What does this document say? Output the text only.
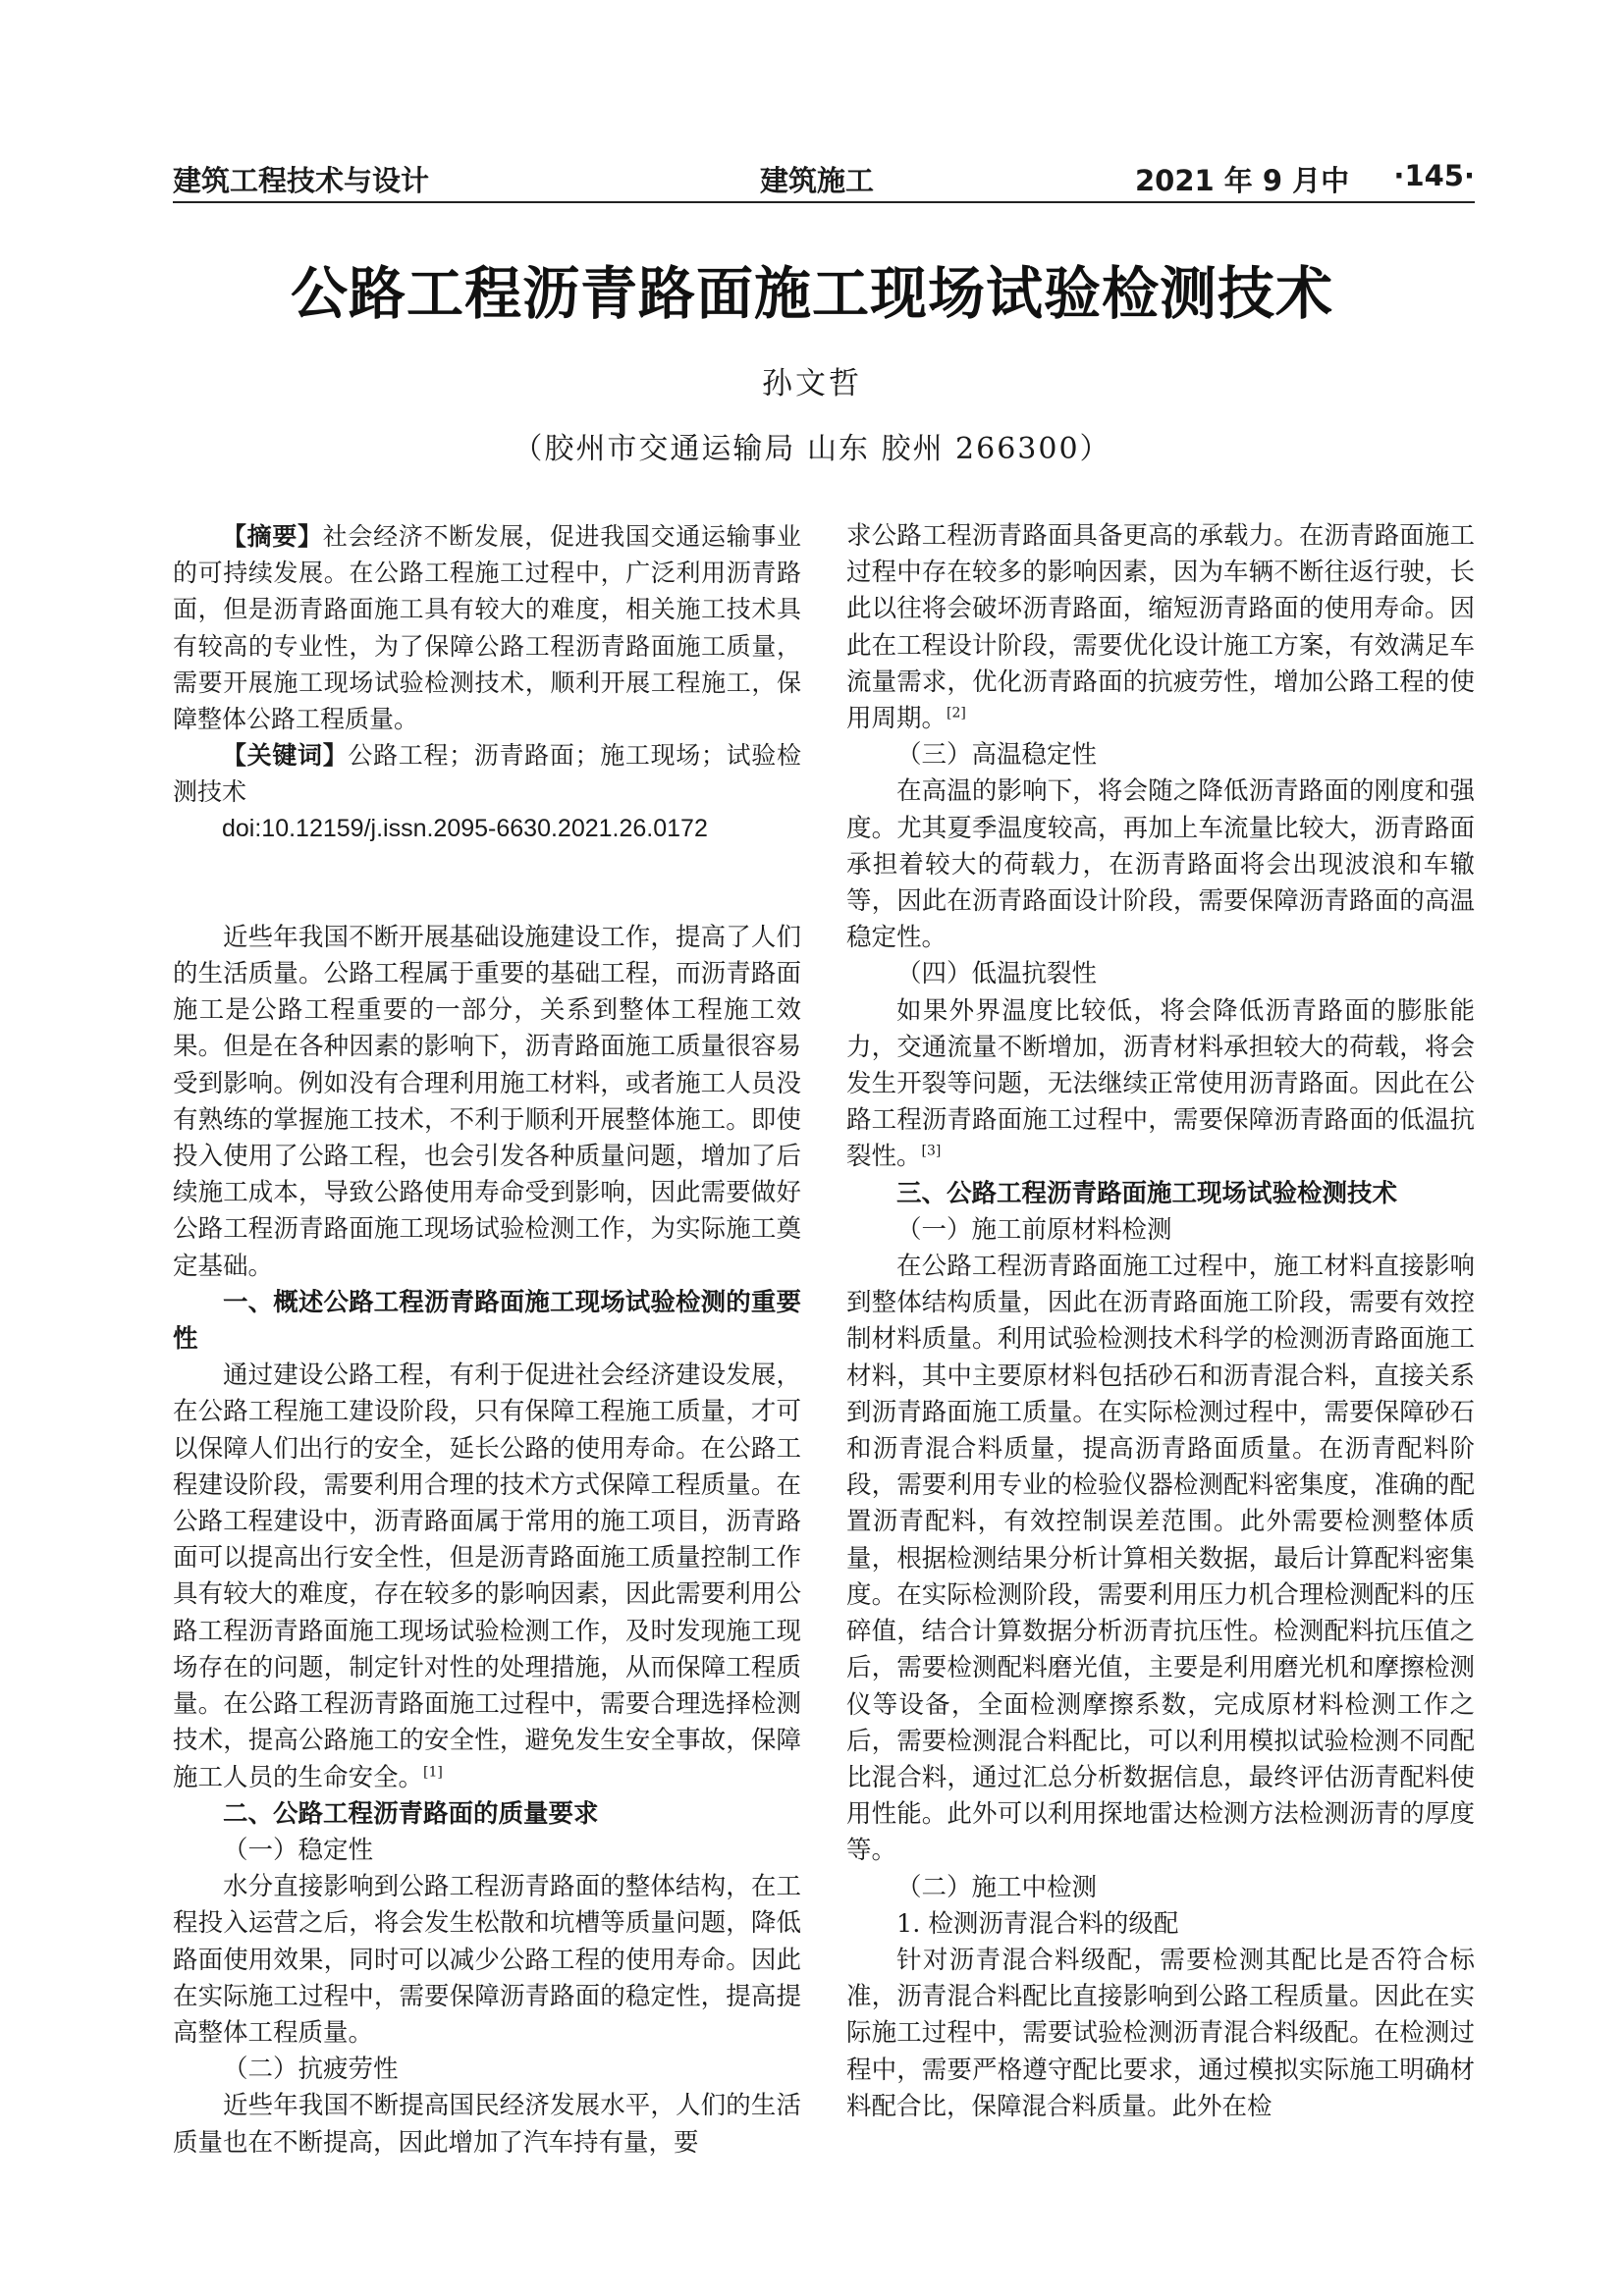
建筑工程技术与设计	建筑施工	2021 年 9 月中 ·145·
公路工程沥青路面施工现场试验检测技术
孙文哲
（胶州市交通运输局 山东 胶州 266300）

【摘要】社会经济不断发展，促进我国交通运输事业的可持续发展。在公路工程施工过程中，广泛利用沥青路面，但是沥青路面施工具有较大的难度，相关施工技术具有较高的专业性，为了保障公路工程沥青路面施工质量，需要开展施工现场试验检测技术，顺利开展工程施工，保障整体公路工程质量。

【关键词】公路工程；沥青路面；施工现场；试验检测技术

doi:10.12159/j.issn.2095-6630.2021.26.0172

近些年我国不断开展基础设施建设工作，提高了人们的生活质量。公路工程属于重要的基础工程，而沥青路面施工是公路工程重要的一部分，关系到整体工程施工效果。但是在各种因素的影响下，沥青路面施工质量很容易受到影响。例如没有合理利用施工材料，或者施工人员没有熟练的掌握施工技术，不利于顺利开展整体施工。即使投入使用了公路工程，也会引发各种质量问题，增加了后续施工成本，导致公路使用寿命受到影响，因此需要做好公路工程沥青路面施工现场试验检测工作，为实际施工奠定基础。

一、概述公路工程沥青路面施工现场试验检测的重要性

通过建设公路工程，有利于促进社会经济建设发展，在公路工程施工建设阶段，只有保障工程施工质量，才可以保障人们出行的安全，延长公路的使用寿命。在公路工程建设阶段，需要利用合理的技术方式保障工程质量。在公路工程建设中，沥青路面属于常用的施工项目，沥青路面可以提高出行安全性，但是沥青路面施工质量控制工作具有较大的难度，存在较多的影响因素，因此需要利用公路工程沥青路面施工现场试验检测工作，及时发现施工现场存在的问题，制定针对性的处理措施，从而保障工程质量。在公路工程沥青路面施工过程中，需要合理选择检测技术，提高公路施工的安全性，避免发生安全事故，保障施工人员的生命安全。[1]

二、公路工程沥青路面的质量要求
（一）稳定性

水分直接影响到公路工程沥青路面的整体结构，在工程投入运营之后，将会发生松散和坑槽等质量问题，降低路面使用效果，同时可以减少公路工程的使用寿命。因此在实际施工过程中，需要保障沥青路面的稳定性，提高提高整体工程质量。

（二）抗疲劳性

近些年我国不断提高国民经济发展水平，人们的生活质量也在不断提高，因此增加了汽车持有量，要

求公路工程沥青路面具备更高的承载力。在沥青路面施工过程中存在较多的影响因素，因为车辆不断往返行驶，长此以往将会破坏沥青路面，缩短沥青路面的使用寿命。因此在工程设计阶段，需要优化设计施工方案，有效满足车流量需求，优化沥青路面的抗疲劳性，增加公路工程的使用周期。[2]

（三）高温稳定性

在高温的影响下，将会随之降低沥青路面的刚度和强度。尤其夏季温度较高，再加上车流量比较大，沥青路面承担着较大的荷载力，在沥青路面将会出现波浪和车辙等，因此在沥青路面设计阶段，需要保障沥青路面的高温稳定性。

（四）低温抗裂性

如果外界温度比较低，将会降低沥青路面的膨胀能力，交通流量不断增加，沥青材料承担较大的荷载，将会发生开裂等问题，无法继续正常使用沥青路面。因此在公路工程沥青路面施工过程中，需要保障沥青路面的低温抗裂性。[3]

三、公路工程沥青路面施工现场试验检测技术
（一）施工前原材料检测

在公路工程沥青路面施工过程中，施工材料直接影响到整体结构质量，因此在沥青路面施工阶段，需要有效控制材料质量。利用试验检测技术科学的检测沥青路面施工材料，其中主要原材料包括砂石和沥青混合料，直接关系到沥青路面施工质量。在实际检测过程中，需要保障砂石和沥青混合料质量，提高沥青路面质量。在沥青配料阶段，需要利用专业的检验仪器检测配料密集度，准确的配置沥青配料，有效控制误差范围。此外需要检测整体质量，根据检测结果分析计算相关数据，最后计算配料密集度。在实际检测阶段，需要利用压力机合理检测配料的压碎值，结合计算数据分析沥青抗压性。检测配料抗压值之后，需要检测配料磨光值，主要是利用磨光机和摩擦检测仪等设备，全面检测摩擦系数，完成原材料检测工作之后，需要检测混合料配比，可以利用模拟试验检测不同配比混合料，通过汇总分析数据信息，最终评估沥青配料使用性能。此外可以利用探地雷达检测方法检测沥青的厚度等。

（二）施工中检测
1. 检测沥青混合料的级配

针对沥青混合料级配，需要检测其配比是否符合标准，沥青混合料配比直接影响到公路工程质量。因此在实际施工过程中，需要试验检测沥青混合料级配。在检测过程中，需要严格遵守配比要求，通过模拟实际施工明确材料配合比，保障混合料质量。此外在检
